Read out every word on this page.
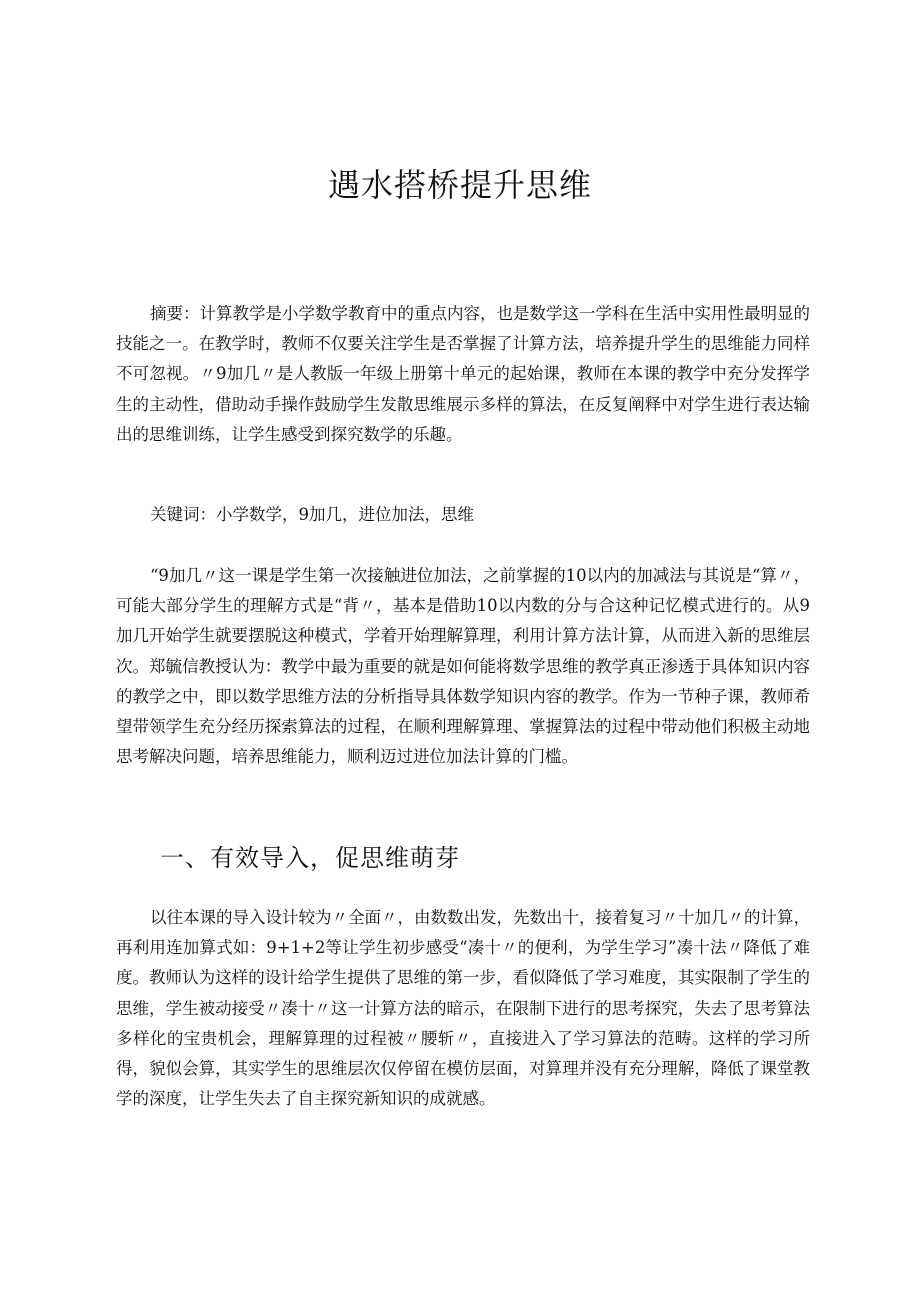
遇水搭桥提升思维

摘要：计算教学是小学数学教育中的重点内容，也是数学这一学科在生活中实用性最明显的技能之一。在教学时，教师不仅要关注学生是否掌握了计算方法，培养提升学生的思维能力同样不可忽视。〃9加几〃是人教版一年级上册第十单元的起始课，教师在本课的教学中充分发挥学生的主动性，借助动手操作鼓励学生发散思维展示多样的算法，在反复阐释中对学生进行表达输出的思维训练，让学生感受到探究数学的乐趣。

关键词：小学数学，9加几，进位加法，思维

“9加几〃这一课是学生第一次接触进位加法，之前掌握的10以内的加减法与其说是“算〃，可能大部分学生的理解方式是“背〃，基本是借助10以内数的分与合这种记忆模式进行的。从9加几开始学生就要摆脱这种模式，学着开始理解算理，利用计算方法计算，从而进入新的思维层次。郑毓信教授认为：教学中最为重要的就是如何能将数学思维的教学真正渗透于具体知识内容的教学之中，即以数学思维方法的分析指导具体数学知识内容的教学。作为一节种子课，教师希望带领学生充分经历探索算法的过程，在顺利理解算理、掌握算法的过程中带动他们积极主动地思考解决问题，培养思维能力，顺利迈过进位加法计算的门槛。

一、有效导入，促思维萌芽

以往本课的导入设计较为〃全面〃，由数数出发，先数出十，接着复习〃十加几〃的计算，再利用连加算式如：9+1+2等让学生初步感受“凑十〃的便利，为学生学习”凑十法〃降低了难度。教师认为这样的设计给学生提供了思维的第一步，看似降低了学习难度，其实限制了学生的思维，学生被动接受〃凑十〃这一计算方法的暗示，在限制下进行的思考探究，失去了思考算法多样化的宝贵机会，理解算理的过程被〃腰斩〃，直接进入了学习算法的范畴。这样的学习所得，貌似会算，其实学生的思维层次仅停留在模仿层面，对算理并没有充分理解，降低了课堂教学的深度，让学生失去了自主探究新知识的成就感。
